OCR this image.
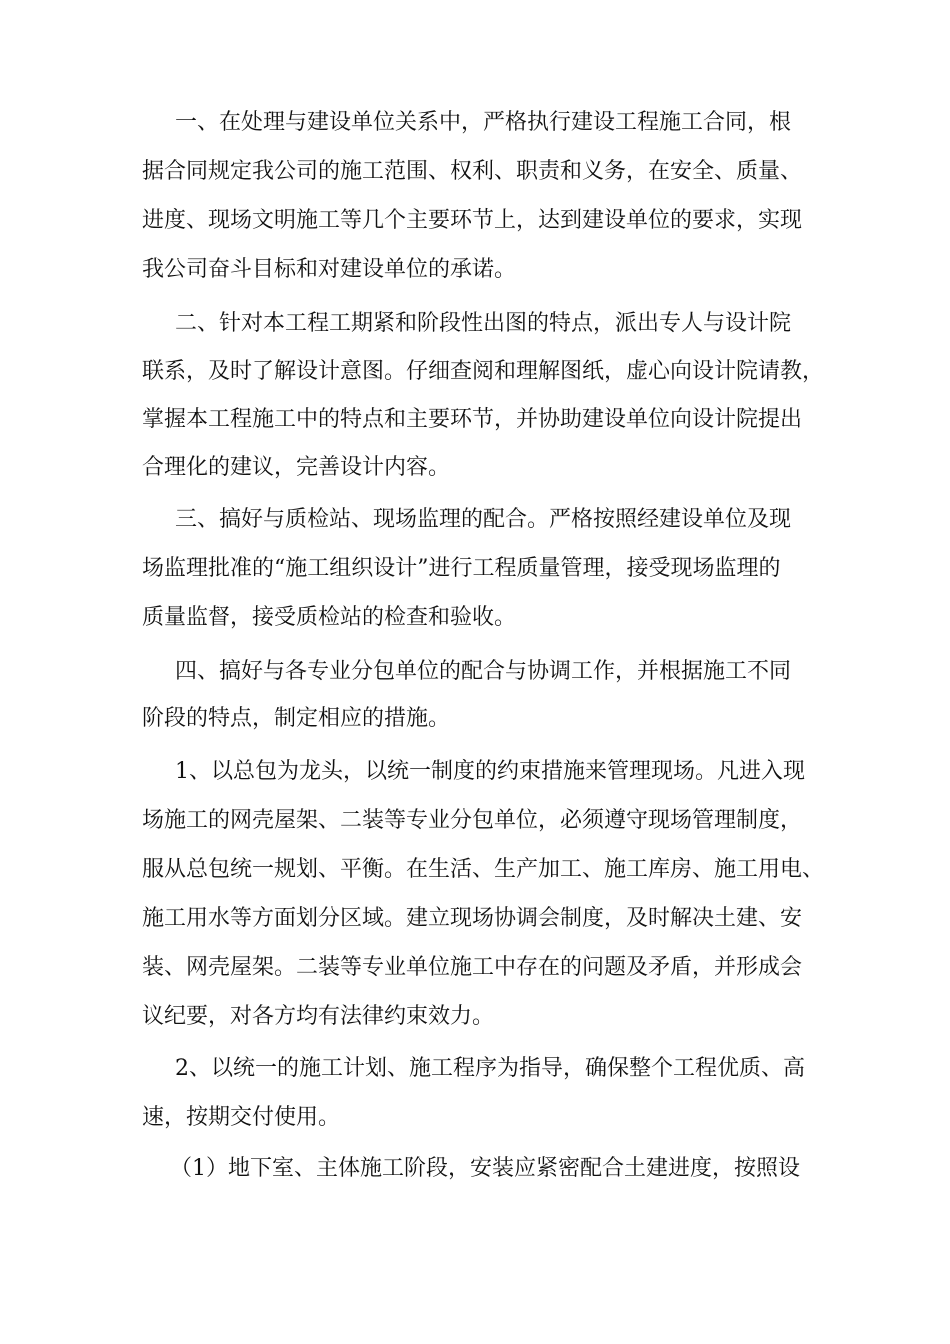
一、在处理与建设单位关系中，严格执行建设工程施工合同，根
据合同规定我公司的施工范围、权利、职责和义务，在安全、质量、
进度、现场文明施工等几个主要环节上，达到建设单位的要求，实现
我公司奋斗目标和对建设单位的承诺。
二、针对本工程工期紧和阶段性出图的特点，派出专人与设计院
联系，及时了解设计意图。仔细查阅和理解图纸，虚心向设计院请教，
掌握本工程施工中的特点和主要环节，并协助建设单位向设计院提出
合理化的建议，完善设计内容。
三、搞好与质检站、现场监理的配合。严格按照经建设单位及现
场监理批准的“施工组织设计”进行工程质量管理，接受现场监理的
质量监督，接受质检站的检查和验收。
四、搞好与各专业分包单位的配合与协调工作，并根据施工不同
阶段的特点，制定相应的措施。
1、以总包为龙头，以统一制度的约束措施来管理现场。凡进入现
场施工的网壳屋架、二装等专业分包单位，必须遵守现场管理制度，
服从总包统一规划、平衡。在生活、生产加工、施工库房、施工用电、
施工用水等方面划分区域。建立现场协调会制度，及时解决土建、安
装、网壳屋架。二装等专业单位施工中存在的问题及矛盾，并形成会
议纪要，对各方均有法律约束效力。
2、以统一的施工计划、施工程序为指导，确保整个工程优质、高
速，按期交付使用。
（1）地下室、主体施工阶段，安装应紧密配合土建进度，按照设
